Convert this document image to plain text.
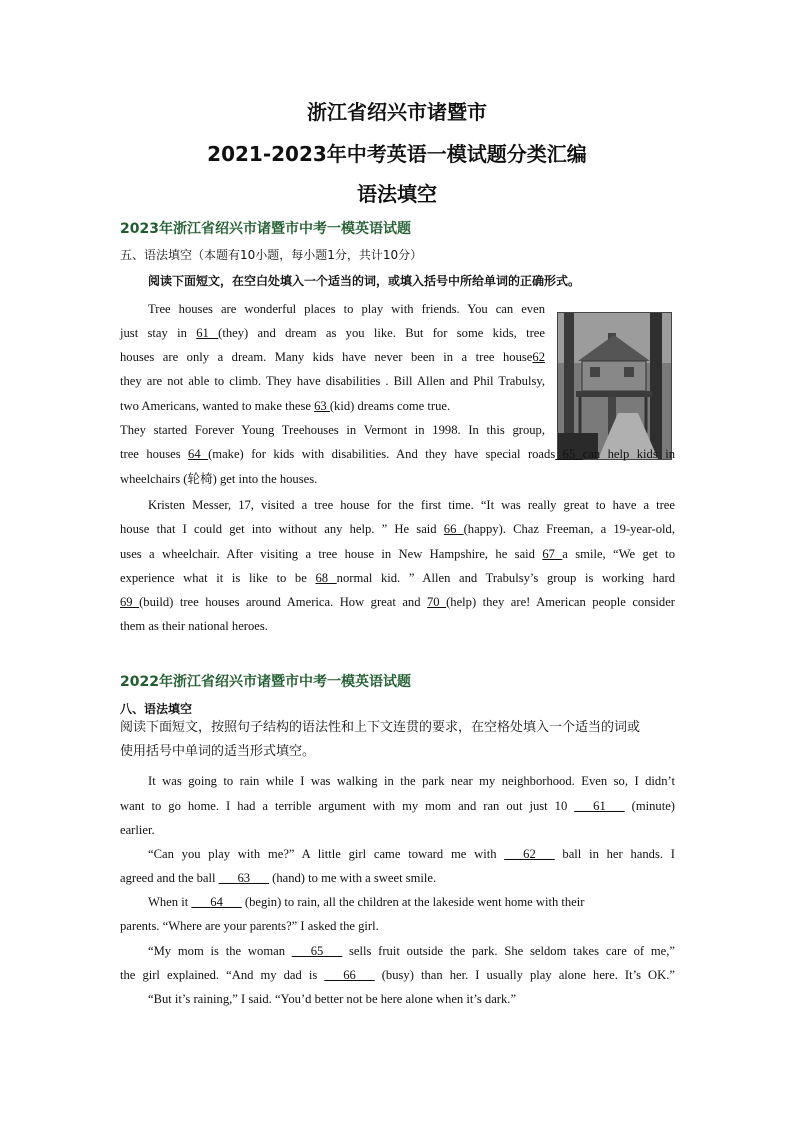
浙江省绍兴市诸暨市
2021-2023年中考英语一模试题分类汇编
语法填空
2023年浙江省绍兴市诸暨市中考一模英语试题
五、语法填空（本题有10小题，每小题1分，共计10分）
阅读下面短文，在空白处填入一个适当的词，或填入括号中所给单词的正确形式。
Tree houses are wonderful places to play with friends. You can even
just stay in 61 (they) and dream as you like. But for some kids, tree
houses are only a dream. Many kids have never been in a tree house62
they are not able to climb. They have disabilities . Bill Allen and Phil Trabulsy,
two Americans, wanted to make these 63 (kid) dreams come true.
They started Forever Young Treehouses in Vermont in 1998. In this group,
tree houses 64 (make) for kids with disabilities. And they have special roads 65 can help kids in
wheelchairs (轮椅) get into the houses.
Kristen Messer, 17, visited a tree house for the first time. “It was really great to have a tree
house that I could get into without any help. ” He said 66 (happy). Chaz Freeman, a 19-year-old,
uses a wheelchair. After visiting a tree house in New Hampshire, he said 67 a smile, “We get to
experience what it is like to be 68 normal kid. ” Allen and Trabulsy’s group is working hard
69 (build) tree houses around America. How great and 70 (help) they are! American people consider
them as their national heroes.
2022年浙江省绍兴市诸暨市中考一模英语试题
八、语法填空
阅读下面短文，按照句子结构的语法性和上下文连贯的要求，在空格处填入一个适当的词或
使用括号中单词的适当形式填空。
It was going to rain while I was walking in the park near my neighborhood. Even so, I didn’t
want to go home. I had a terrible argument with my mom and ran out just 10 ___61___ (minute)
earlier.
“Can you play with me?” A little girl came toward me with ___62___ ball in her hands. I
agreed and the ball ___63___ (hand) to me with a sweet smile.
When it ___64___ (begin) to rain, all the children at the lakeside went home with their
parents. “Where are your parents?” I asked the girl.
“My mom is the woman ___65___ sells fruit outside the park. She seldom takes care of me,”
the girl explained. “And my dad is ___66___ (busy) than her. I usually play alone here. It’s OK.”
“But it’s raining,” I said. “You’d better not be here alone when it’s dark.”
